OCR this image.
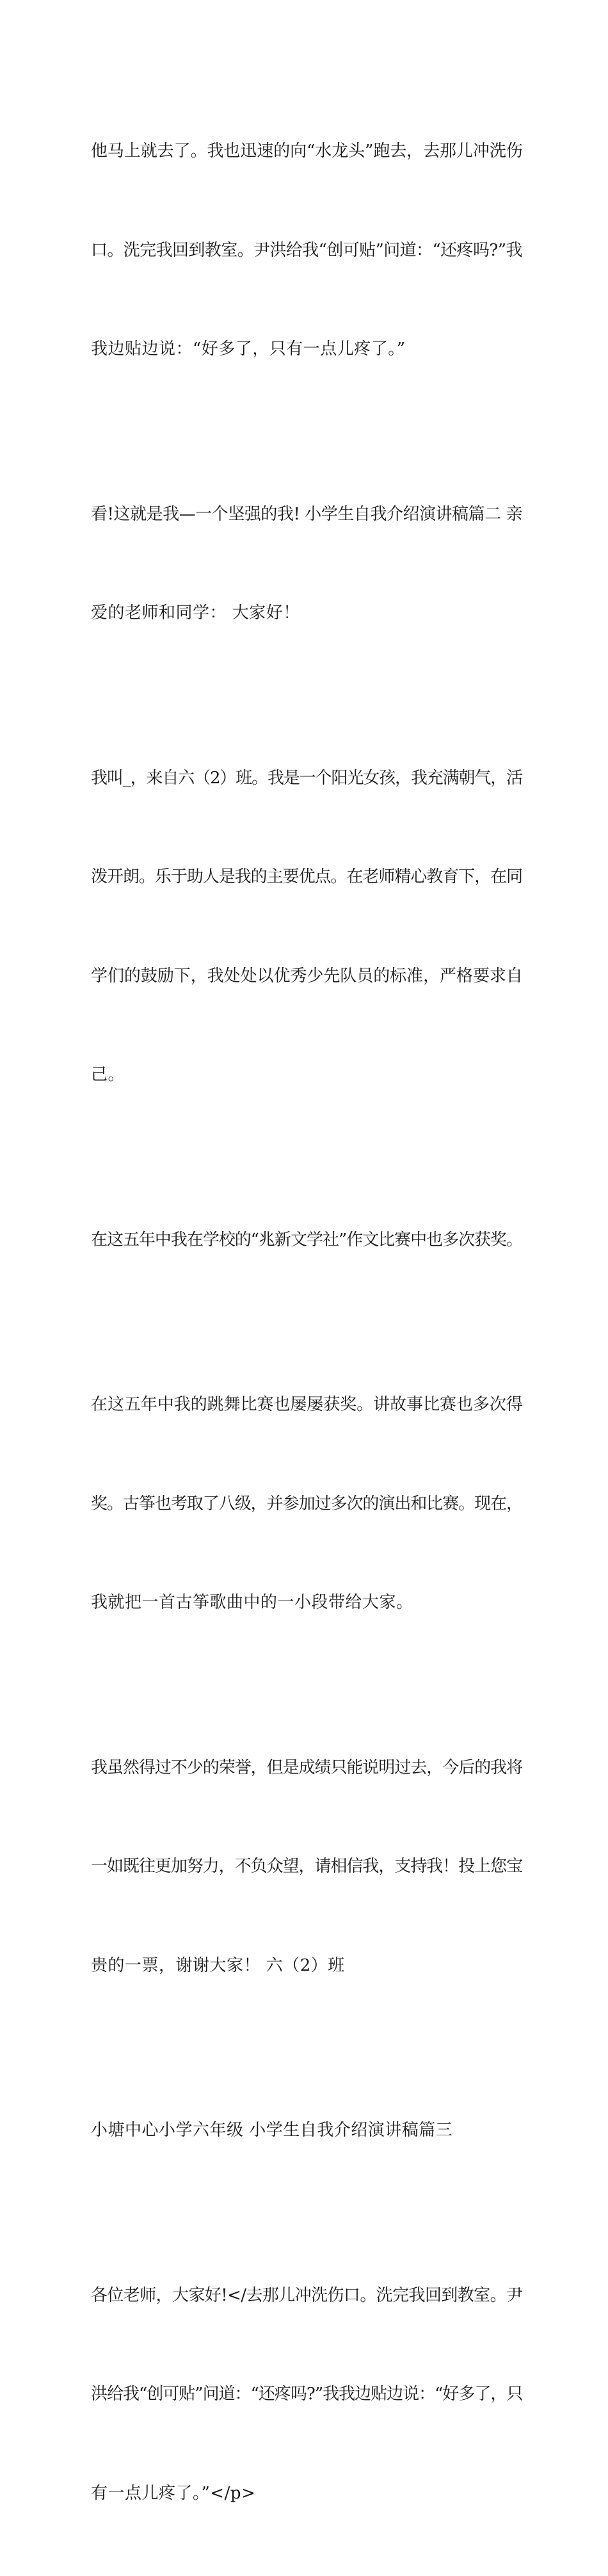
他马上就去了。我也迅速的向“水龙头”跑去，去那儿冲洗伤

口。洗完我回到教室。尹洪给我“创可贴”问道：“还疼吗?”我

我边贴边说：“好多了，只有一点儿疼了。”

看!这就是我—一个坚强的我! 小学生自我介绍演讲稿篇二 亲

爱的老师和同学： 大家好！

我叫_，来自六（2）班。我是一个阳光女孩，我充满朝气，活

泼开朗。乐于助人是我的主要优点。在老师精心教育下，在同

学们的鼓励下，我处处以优秀少先队员的标准，严格要求自

己。

在这五年中我在学校的“兆新文学社”作文比赛中也多次获奖。

在这五年中我的跳舞比赛也屡屡获奖。讲故事比赛也多次得

奖。古筝也考取了八级，并参加过多次的演出和比赛。现在，

我就把一首古筝歌曲中的一小段带给大家。

我虽然得过不少的荣誉，但是成绩只能说明过去，今后的我将

一如既往更加努力，不负众望，请相信我，支持我！投上您宝

贵的一票，谢谢大家！ 六（2）班

小塘中心小学六年级 小学生自我介绍演讲稿篇三

各位老师，大家好!</去那儿冲洗伤口。洗完我回到教室。尹

洪给我“创可贴”问道：“还疼吗?”我我边贴边说：“好多了，只

有一点儿疼了。”</p>
